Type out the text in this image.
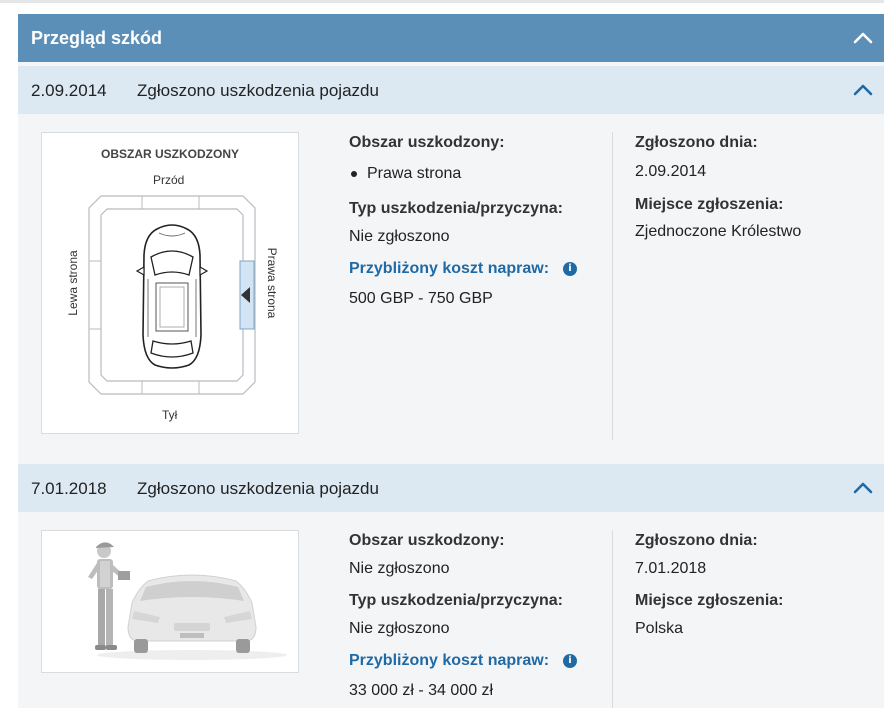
Przegląd szkód
2.09.2014 Zgłoszono uszkodzenia pojazdu
OBSZAR USZKODZONY
Przód
Tył
Lewa strona	Prawa strona
Obszar uszkodzony:
Prawa strona
Typ uszkodzenia/przyczyna:
Nie zgłoszono
Przybliżony koszt napraw:	i
500 GBP - 750 GBP
Zgłoszono dnia:
2.09.2014
Miejsce zgłoszenia:
Zjednoczone Królestwo
7.01.2018 Zgłoszono uszkodzenia pojazdu
Obszar uszkodzony:
Nie zgłoszono
Typ uszkodzenia/przyczyna:
Nie zgłoszono
Przybliżony koszt napraw:	i
33 000 zł - 34 000 zł
Zgłoszono dnia:
7.01.2018
Miejsce zgłoszenia:
Polska
